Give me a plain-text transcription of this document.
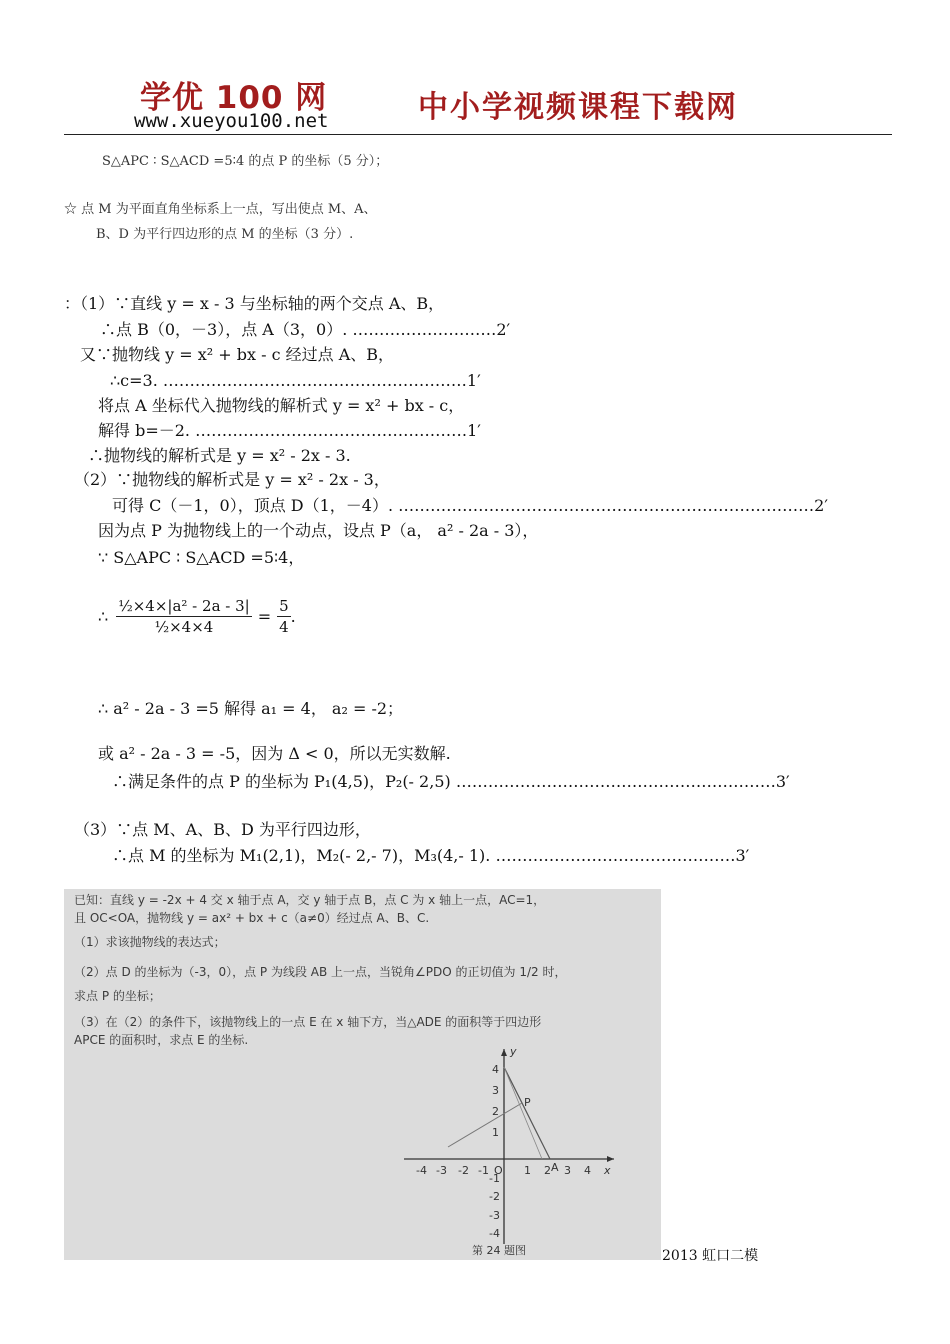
学优 100 网
www.xueyou100.net	中小学视频课程下载网
S△APC ∶ S△ACD =5∶4 的点 P 的坐标（5 分）；
☆ 点 M 为平面直角坐标系上一点，写出使点 M、A、
B、D 为平行四边形的点 M 的坐标（3 分）.
：（1）∵直线 y = x - 3 与坐标轴的两个交点 A、B，
∴点 B（0，－3），点 A（3，0）. ………………………2′
又∵抛物线 y = x² + bx - c 经过点 A、B，
∴c=3. …………………………………………………1′
将点 A 坐标代入抛物线的解析式 y = x² + bx - c，
解得 b=－2. ……………………………………………1′
∴抛物线的解析式是 y = x² - 2x - 3.
（2）∵抛物线的解析式是 y = x² - 2x - 3，
可得 C（－1，0），顶点 D（1，－4）. ……………………………………………………………………2′
因为点 P 为抛物线上的一个动点，设点 P（a， a² - 2a - 3），
∵ S△APC ∶ S△ACD =5∶4，
∴ $\frac{\text{½×4×|a² - 2a - 3|}}{\text{½×4×4}} = \frac{5}{4}$ .
∴ a² - 2a - 3 =5 解得 a₁ = 4， a₂ = -2；
或 a² - 2a - 3 = -5，因为 Δ < 0，所以无实数解.
∴满足条件的点 P 的坐标为 P₁(4,5)，P₂(- 2,5) ……………………………………………………3′
（3）∵点 M、A、B、D 为平行四边形，
∴点 M 的坐标为 M₁(2,1)，M₂(- 2,- 7)，M₃(4,- 1). ………………………………………3′
已知：直线 y = -2x + 4 交 x 轴于点 A，交 y 轴于点 B，点 C 为 x 轴上一点，AC=1，
且 OC<OA，抛物线 y = ax² + bx + c（a≠0）经过点 A、B、C.
（1）求该抛物线的表达式；
（2）点 D 的坐标为（-3，0），点 P 为线段 AB 上一点，当锐角∠PDO 的正切值为 1/2 时，
求点 P 的坐标；
（3）在（2）的条件下，该抛物线上的一点 E 在 x 轴下方，当△ADE 的面积等于四边形
APCE 的面积时，求点 E 的坐标.
-4 -3 -2 -1 O 1 2 3 4 x
y
4
3
2
1
-1
-2
-3
-4
P
A
第 24 题图	2013 虹口二模
